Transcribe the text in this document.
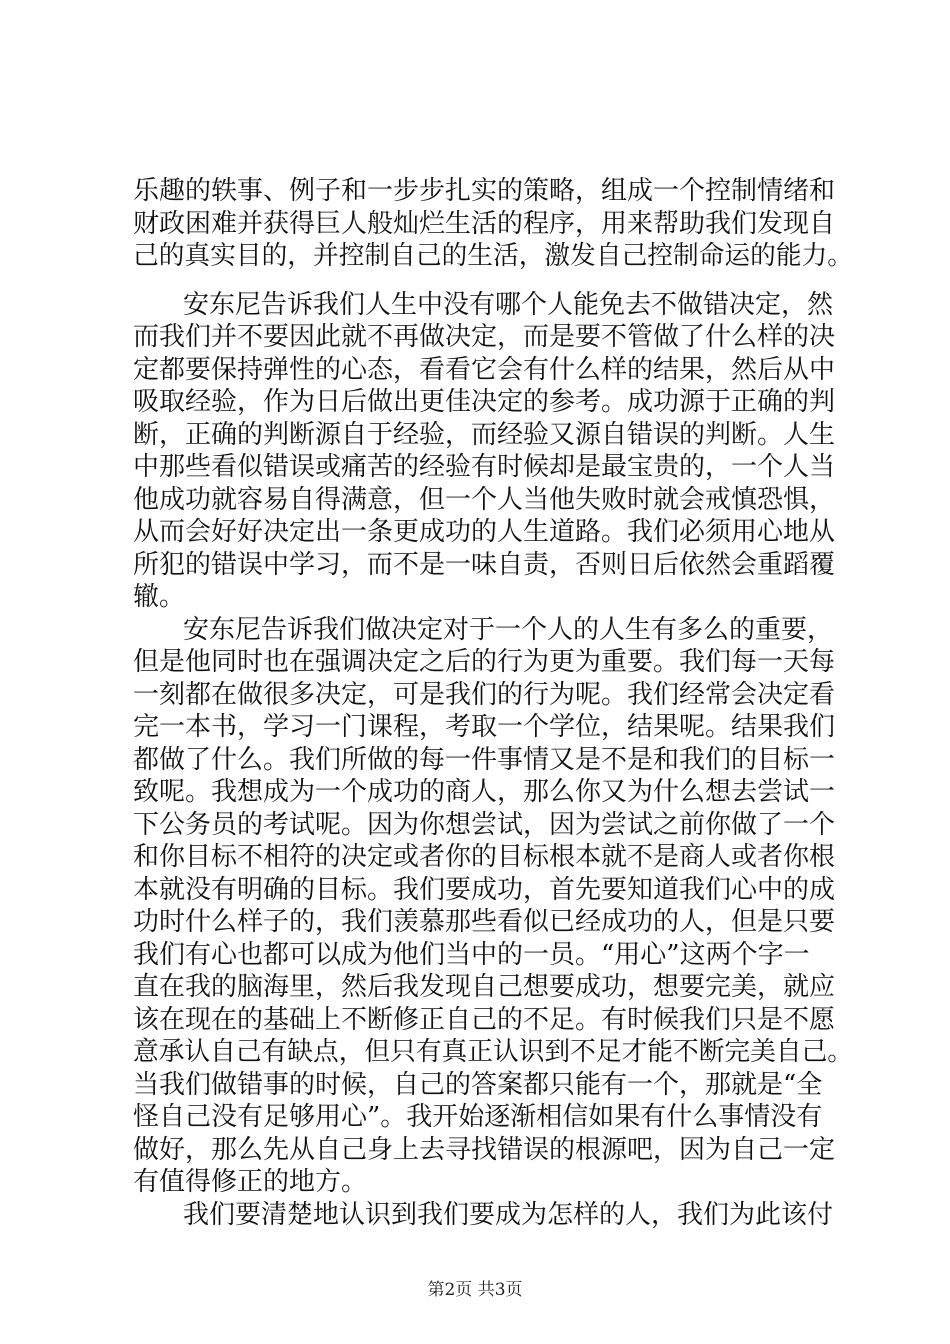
乐趣的轶事、例子和一步步扎实的策略，组成一个控制情绪和
财政困难并获得巨人般灿烂生活的程序，用来帮助我们发现自
己的真实目的，并控制自己的生活，激发自己控制命运的能力。
安东尼告诉我们人生中没有哪个人能免去不做错决定，然
而我们并不要因此就不再做决定，而是要不管做了什么样的决
定都要保持弹性的心态，看看它会有什么样的结果，然后从中
吸取经验，作为日后做出更佳决定的参考。成功源于正确的判
断，正确的判断源自于经验，而经验又源自错误的判断。人生
中那些看似错误或痛苦的经验有时候却是最宝贵的，一个人当
他成功就容易自得满意，但一个人当他失败时就会戒慎恐惧，
从而会好好决定出一条更成功的人生道路。我们必须用心地从
所犯的错误中学习，而不是一味自责，否则日后依然会重蹈覆
辙。
安东尼告诉我们做决定对于一个人的人生有多么的重要，
但是他同时也在强调决定之后的行为更为重要。我们每一天每
一刻都在做很多决定，可是我们的行为呢。我们经常会决定看
完一本书，学习一门课程，考取一个学位，结果呢。结果我们
都做了什么。我们所做的每一件事情又是不是和我们的目标一
致呢。我想成为一个成功的商人，那么你又为什么想去尝试一
下公务员的考试呢。因为你想尝试，因为尝试之前你做了一个
和你目标不相符的决定或者你的目标根本就不是商人或者你根
本就没有明确的目标。我们要成功，首先要知道我们心中的成
功时什么样子的，我们羡慕那些看似已经成功的人，但是只要
我们有心也都可以成为他们当中的一员。“用心”这两个字一
直在我的脑海里，然后我发现自己想要成功，想要完美，就应
该在现在的基础上不断修正自己的不足。有时候我们只是不愿
意承认自己有缺点，但只有真正认识到不足才能不断完美自己。
当我们做错事的时候，自己的答案都只能有一个，那就是“全
怪自己没有足够用心”。我开始逐渐相信如果有什么事情没有
做好，那么先从自己身上去寻找错误的根源吧，因为自己一定
有值得修正的地方。
我们要清楚地认识到我们要成为怎样的人，我们为此该付
第2页 共3页
